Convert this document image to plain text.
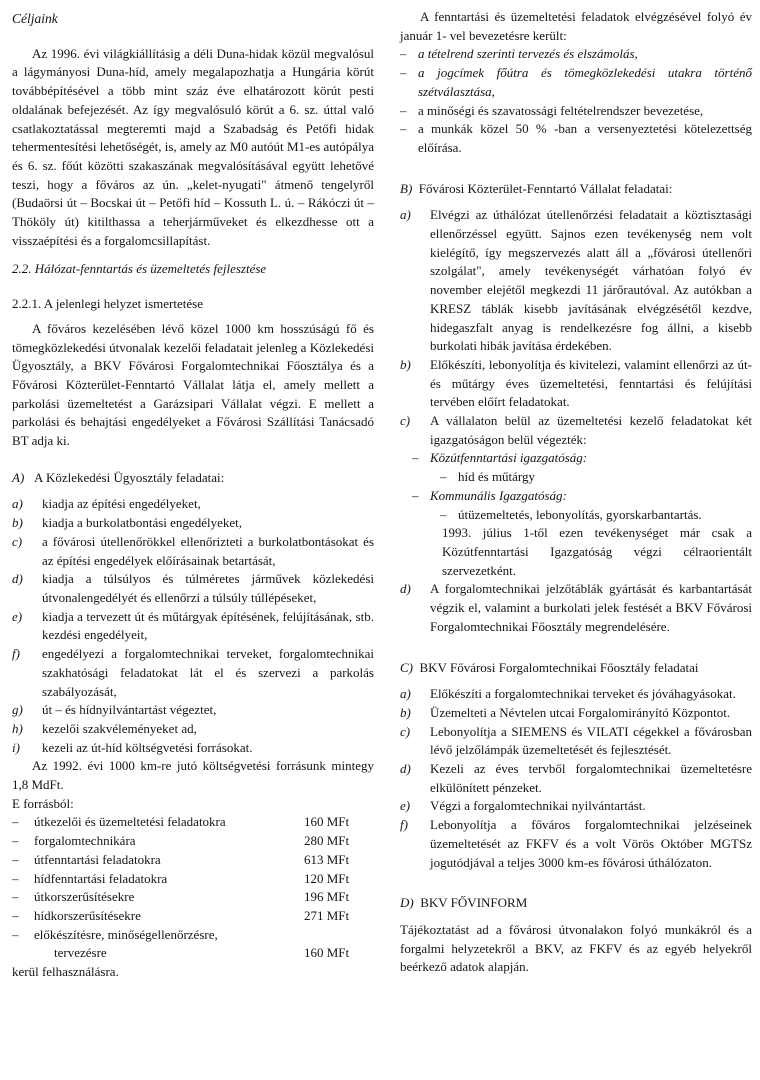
Céljaink

Az 1996. évi világkiállításig a déli Duna-hidak közül megvalósul a lágymányosi Duna-híd, amely megalapozhatja a Hungária körút továbbépítésével a több mint száz éve elhatározott körút pesti oldalának befejezését. Az így megvalósuló körút a 6. sz. úttal való csatlakoztatással megteremti majd a Szabadság és Petőfi hidak tehermentesítési lehetőségét, is, amely az M0 autóút M1-es autópálya és 6. sz. főút közötti szakaszának megvalósításával együtt lehetővé teszi, hogy a főváros az ún. „kelet-nyugati" átmenő tengelyről (Budaörsi út – Bocskai út – Petőfi híd – Kossuth L. ú. – Rákóczi út – Thököly út) kitilthassa a teherjárműveket és elkezdhesse ott a visszaépítési és a forgalomcsillapítást.

2.2. Hálózat-fenntartás és üzemeltetés fejlesztése

2.2.1. A jelenlegi helyzet ismertetése

A főváros kezelésében lévő közel 1000 km hosszúságú fő és tömegközlekedési útvonalak kezelői feladatait jelenleg a Közlekedési Ügyosztály, a BKV Fővárosi Forgalomtechnikai Főosztálya és a Fővárosi Közterület-Fenntartó Vállalat látja el, amely mellett a parkolási üzemeltetést a Garázsipari Vállalat végzi. E mellett a parkolási és behajtási engedélyeket a Fővárosi Szállítási Tanácsadó BT adja ki.

A) A Közlekedési Ügyosztály feladatai:

a) kiadja az építési engedélyeket,
b) kiadja a burkolatbontási engedélyeket,
c) a fővárosi útellenőrökkel ellenőrizteti a burkolatbontásokat és az építési engedélyek előírásainak betartását,
d) kiadja a túlsúlyos és túlméretes járművek közlekedési útvonalengedélyét és ellenőrzi a túlsúly túllépéseket,
e) kiadja a tervezett út és műtárgyak építésének, felújításának, stb. kezdési engedélyeit,
f) engedélyezi a forgalomtechnikai terveket, forgalomtechnikai szakhatósági feladatokat lát el és szervezi a parkolás szabályozását,
g) út – és hídnyilvántartást végeztet,
h) kezelői szakvéleményeket ad,
i) kezeli az út-híd költségvetési forrásokat.

Az 1992. évi 1000 km-re jutó költségvetési forrásunk mintegy 1,8 MdFt.

E forrásból:

–	útkezelői és üzemeltetési feladatokra	160 MFt
–	forgalomtechnikára	280 MFt
–	útfenntartási feladatokra	613 MFt
–	hídfenntartási feladatokra	120 MFt
–	útkorszerűsítésekre	196 MFt
–	hídkorszerűsítésekre	271 MFt
–	előkészítésre, minőségellenőrzésre,	
	tervezésre	160 MFt

kerül felhasználásra.

A fenntartási és üzemeltetési feladatok elvégzésével folyó év január 1- vel bevezetésre került:

– a tételrend szerinti tervezés és elszámolás,
– a jogcímek főútra és tömegközlekedési utakra történő szétválasztása,
– a minőségi és szavatossági feltételrendszer bevezetése,
– a munkák közel 50 % -ban a versenyeztetési kötelezettség előírása.

B) Fővárosi Közterület-Fenntartó Vállalat feladatai:

a) Elvégzi az úthálózat útellenőrzési feladatait a köztisztasági ellenőrzéssel együtt. Sajnos ezen tevékenység nem volt kielégítő, így megszervezés alatt áll a „fővárosi útellenőri szolgálat", amely tevékenységét várhatóan folyó év november elejétől megkezdi 11 járőrautóval. Az autókban a KRESZ táblák kisebb javításának elvégzésétől kezdve, hidegaszfalt anyag is rendelkezésre fog állni, a kisebb burkolati hibák javítása érdekében.
b) Előkészíti, lebonyolítja és kivitelezi, valamint ellenőrzi az út- és műtárgy éves üzemeltetési, fenntartási és felújítási tervében előírt feladatokat.
c) A vállalaton belül az üzemeltetési kezelő feladatokat két igazgatóságon belül végezték:
– Közútfenntartási igazgatóság:
– híd és műtárgy
– Kommunális Igazgatóság:
– útüzemeltetés, lebonyolítás, gyorskarbantartás.

1993. július 1-től ezen tevékenységet már csak a Közútfenntartási Igazgatóság végzi célraorientált szervezetként.

d) A forgalomtechnikai jelzőtáblák gyártását és karbantartását végzik el, valamint a burkolati jelek festését a BKV Fővárosi Forgalomtechnikai Főosztály megrendelésére.

C) BKV Fővárosi Forgalomtechnikai Főosztály feladatai

a) Előkészíti a forgalomtechnikai terveket és jóváhagyásokat.
b) Üzemelteti a Névtelen utcai Forgalomirányító Központot.
c) Lebonyolítja a SIEMENS és VILATI cégekkel a fővárosban lévő jelzőlámpák üzemeltetését és fejlesztését.
d) Kezeli az éves tervből forgalomtechnikai üzemeltetésre elkülönített pénzeket.
e) Végzi a forgalomtechnikai nyilvántartást.
f) Lebonyolítja a főváros forgalomtechnikai jelzéseinek üzemeltetését az FKFV és a volt Vörös Október MGTSz jogutódjával a teljes 3000 km-es fővárosi úthálózaton.

D) BKV FŐVINFORM

Tájékoztatást ad a fővárosi útvonalakon folyó munkákról és a forgalmi helyzetekről a BKV, az FKFV és az egyéb helyekről beérkező adatok alapján.
